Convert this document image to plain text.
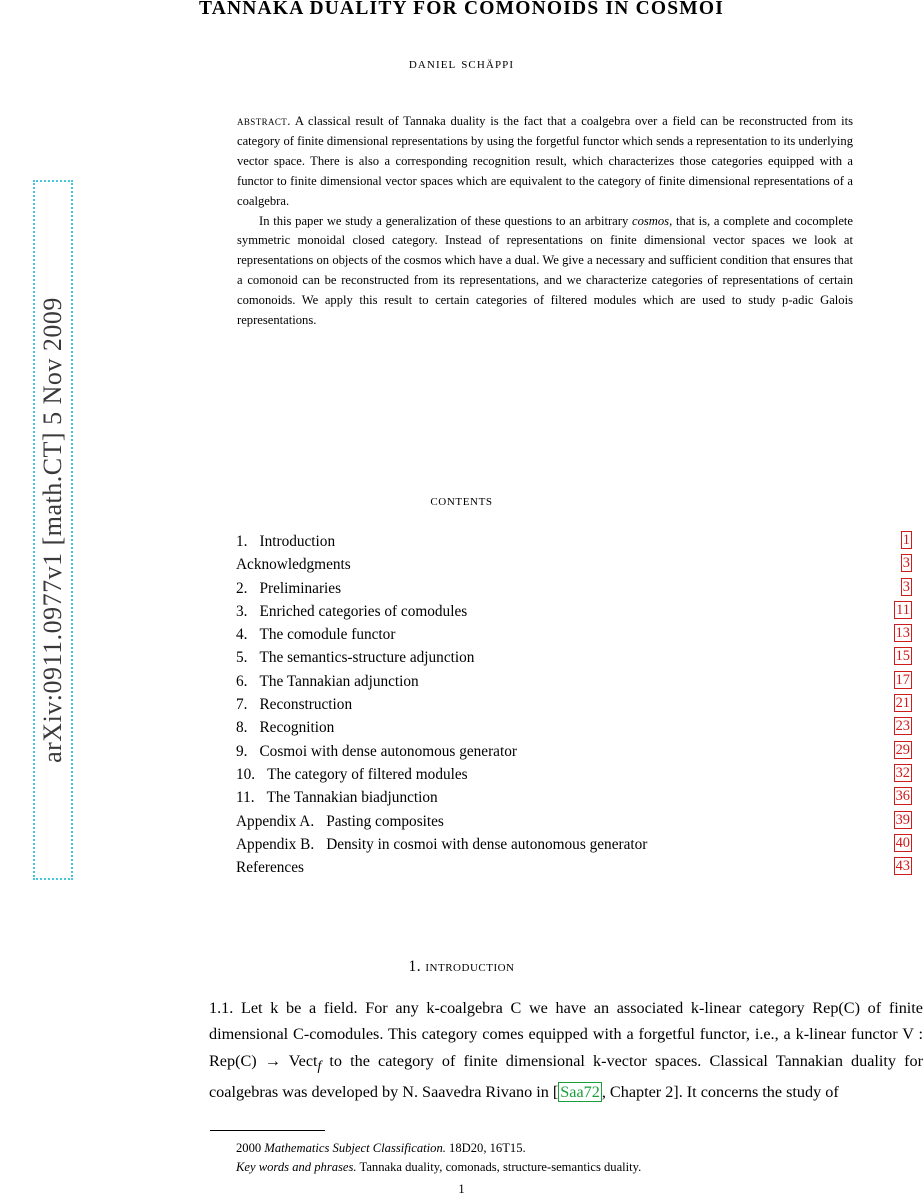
arXiv:0911.0977v1 [math.CT] 5 Nov 2009
TANNAKA DUALITY FOR COMONOIDS IN COSMOI
daniel schäppi

abstract. A classical result of Tannaka duality is the fact that a coalgebra over a field can be reconstructed from its category of finite dimensional representations by using the forgetful functor which sends a representation to its underlying vector space. There is also a corresponding recognition result, which characterizes those categories equipped with a functor to finite dimensional vector spaces which are equivalent to the category of finite dimensional representations of a coalgebra.

In this paper we study a generalization of these questions to an arbitrary cosmos, that is, a complete and cocomplete symmetric monoidal closed category. Instead of representations on finite dimensional vector spaces we look at representations on objects of the cosmos which have a dual. We give a necessary and sufficient condition that ensures that a comonoid can be reconstructed from its representations, and we characterize categories of representations of certain comonoids. We apply this result to certain categories of filtered modules which are used to study p-adic Galois representations.

contents
1. Introduction	1
Acknowledgments	3
2. Preliminaries	3
3. Enriched categories of comodules	11
4. The comodule functor	13
5. The semantics-structure adjunction	15
6. The Tannakian adjunction	17
7. Reconstruction	21
8. Recognition	23
9. Cosmoi with dense autonomous generator	29
10. The category of filtered modules	32
11. The Tannakian biadjunction	36
Appendix A. Pasting composites	39
Appendix B. Density in cosmoi with dense autonomous generator	40
References	43
1. introduction
1.1. Let k be a field. For any k-coalgebra C we have an associated k-linear category Rep(C) of finite dimensional C-comodules. This category comes equipped with a forgetful functor, i.e., a k-linear functor V : Rep(C) → Vect$_f$ to the category of finite dimensional k-vector spaces. Classical Tannakian duality for coalgebras was developed by N. Saavedra Rivano in [ Saa72 , Chapter 2]. It concerns the study of
2000 Mathematics Subject Classification. 18D20, 16T15.
Key words and phrases. Tannaka duality, comonads, structure-semantics duality.
1
